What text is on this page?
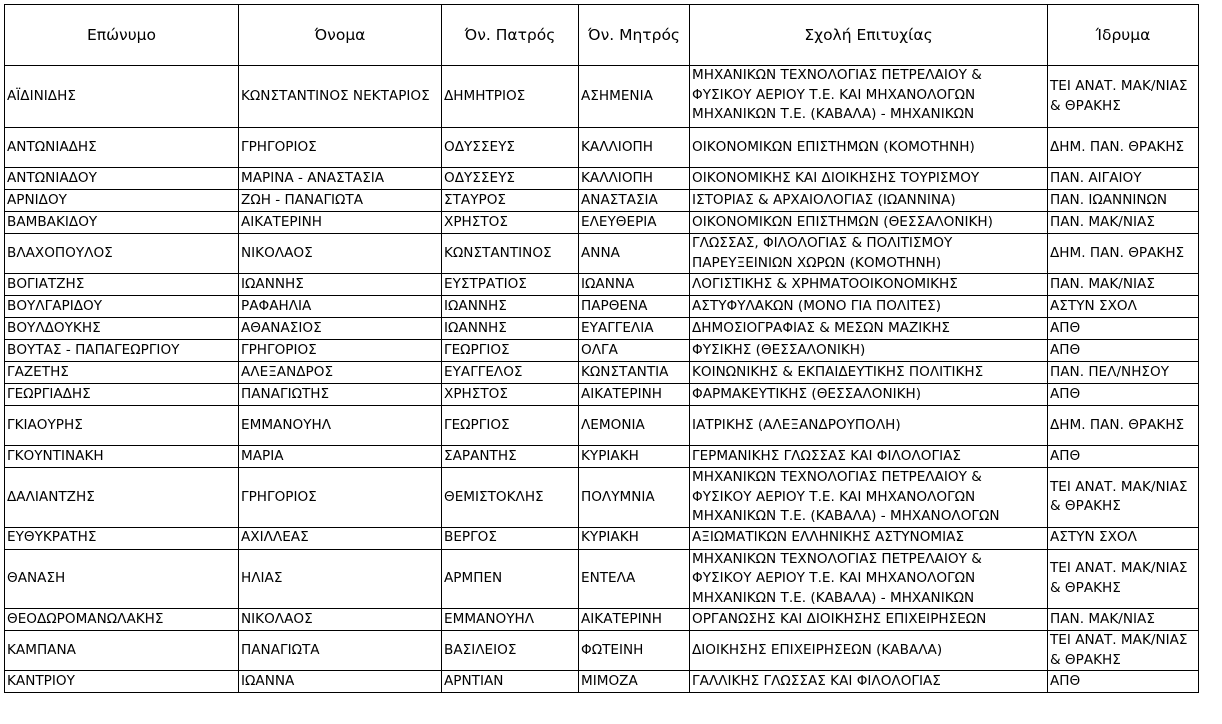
Επώνυμο	Όνομα	Όν. Πατρός	Όν. Μητρός	Σχολή Επιτυχίας	Ίδρυμα
ΑΪΔΙΝΙΔΗΣ	ΚΩΝΣΤΑΝΤΙΝΟΣ ΝΕΚΤΑΡΙΟΣ	ΔΗΜΗΤΡΙΟΣ	ΑΣΗΜΕΝΙΑ	ΜΗΧΑΝΙΚΩΝ ΤΕΧΝΟΛΟΓΙΑΣ ΠΕΤΡΕΛΑΙΟΥ & ΦΥΣΙΚΟΥ ΑΕΡΙΟΥ Τ.Ε. ΚΑΙ ΜΗΧΑΝΟΛΟΓΩΝ ΜΗΧΑΝΙΚΩΝ Τ.Ε. (ΚΑΒΑΛΑ) - ΜΗΧΑΝΙΚΩΝ	ΤΕΙ ΑΝΑΤ. ΜΑΚ/ΝΙΑΣ & ΘΡΑΚΗΣ
ΑΝΤΩΝΙΑΔΗΣ	ΓΡΗΓΟΡΙΟΣ	ΟΔΥΣΣΕΥΣ	ΚΑΛΛΙΟΠΗ	ΟΙΚΟΝΟΜΙΚΩΝ ΕΠΙΣΤΗΜΩΝ (ΚΟΜΟΤΗΝΗ)	ΔΗΜ. ΠΑΝ. ΘΡΑΚΗΣ
ΑΝΤΩΝΙΑΔΟΥ	ΜΑΡΙΝΑ - ΑΝΑΣΤΑΣΙΑ	ΟΔΥΣΣΕΥΣ	ΚΑΛΛΙΟΠΗ	ΟΙΚΟΝΟΜΙΚΗΣ ΚΑΙ ΔΙΟΙΚΗΣΗΣ ΤΟΥΡΙΣΜΟΥ	ΠΑΝ. ΑΙΓΑΙΟΥ
ΑΡΝΙΔΟΥ	ΖΩΗ - ΠΑΝΑΓΙΩΤΑ	ΣΤΑΥΡΟΣ	ΑΝΑΣΤΑΣΙΑ	ΙΣΤΟΡΙΑΣ & ΑΡΧΑΙΟΛΟΓΙΑΣ (ΙΩΑΝΝΙΝΑ)	ΠΑΝ. ΙΩΑΝΝΙΝΩΝ
ΒΑΜΒΑΚΙΔΟΥ	ΑΙΚΑΤΕΡΙΝΗ	ΧΡΗΣΤΟΣ	ΕΛΕΥΘΕΡΙΑ	ΟΙΚΟΝΟΜΙΚΩΝ ΕΠΙΣΤΗΜΩΝ (ΘΕΣΣΑΛΟΝΙΚΗ)	ΠΑΝ. ΜΑΚ/ΝΙΑΣ
ΒΛΑΧΟΠΟΥΛΟΣ	ΝΙΚΟΛΑΟΣ	ΚΩΝΣΤΑΝΤΙΝΟΣ	ΑΝΝΑ	ΓΛΩΣΣΑΣ, ΦΙΛΟΛΟΓΙΑΣ & ΠΟΛΙΤΙΣΜΟΥ ΠΑΡΕΥΞΕΙΝΙΩΝ ΧΩΡΩΝ (ΚΟΜΟΤΗΝΗ)	ΔΗΜ. ΠΑΝ. ΘΡΑΚΗΣ
ΒΟΓΙΑΤΖΗΣ	ΙΩΑΝΝΗΣ	ΕΥΣΤΡΑΤΙΟΣ	ΙΩΑΝΝΑ	ΛΟΓΙΣΤΙΚΗΣ & ΧΡΗΜΑΤΟΟΙΚΟΝΟΜΙΚΗΣ	ΠΑΝ. ΜΑΚ/ΝΙΑΣ
ΒΟΥΛΓΑΡΙΔΟΥ	ΡΑΦΑΗΛΙΑ	ΙΩΑΝΝΗΣ	ΠΑΡΘΕΝΑ	ΑΣΤΥΦΥΛΑΚΩΝ (ΜΟΝΟ ΓΙΑ ΠΟΛΙΤΕΣ)	ΑΣΤΥΝ ΣΧΟΛ
ΒΟΥΛΔΟΥΚΗΣ	ΑΘΑΝΑΣΙΟΣ	ΙΩΑΝΝΗΣ	ΕΥΑΓΓΕΛΙΑ	ΔΗΜΟΣΙΟΓΡΑΦΙΑΣ & ΜΕΣΩΝ ΜΑΖΙΚΗΣ	ΑΠΘ
ΒΟΥΤΑΣ - ΠΑΠΑΓΕΩΡΓΙΟΥ	ΓΡΗΓΟΡΙΟΣ	ΓΕΩΡΓΙΟΣ	ΟΛΓΑ	ΦΥΣΙΚΗΣ (ΘΕΣΣΑΛΟΝΙΚΗ)	ΑΠΘ
ΓΑΖΕΤΗΣ	ΑΛΕΞΑΝΔΡΟΣ	ΕΥΑΓΓΕΛΟΣ	ΚΩΝΣΤΑΝΤΙΑ	ΚΟΙΝΩΝΙΚΗΣ & ΕΚΠΑΙΔΕΥΤΙΚΗΣ ΠΟΛΙΤΙΚΗΣ	ΠΑΝ. ΠΕΛ/ΝΗΣΟΥ
ΓΕΩΡΓΙΑΔΗΣ	ΠΑΝΑΓΙΩΤΗΣ	ΧΡΗΣΤΟΣ	ΑΙΚΑΤΕΡΙΝΗ	ΦΑΡΜΑΚΕΥΤΙΚΗΣ (ΘΕΣΣΑΛΟΝΙΚΗ)	ΑΠΘ
ΓΚΙΑΟΥΡΗΣ	ΕΜΜΑΝΟΥΗΛ	ΓΕΩΡΓΙΟΣ	ΛΕΜΟΝΙΑ	ΙΑΤΡΙΚΗΣ (ΑΛΕΞΑΝΔΡΟΥΠΟΛΗ)	ΔΗΜ. ΠΑΝ. ΘΡΑΚΗΣ
ΓΚΟΥΝΤΙΝΑΚΗ	ΜΑΡΙΑ	ΣΑΡΑΝΤΗΣ	ΚΥΡΙΑΚΗ	ΓΕΡΜΑΝΙΚΗΣ ΓΛΩΣΣΑΣ ΚΑΙ ΦΙΛΟΛΟΓΙΑΣ	ΑΠΘ
ΔΑΛΙΑΝΤΖΗΣ	ΓΡΗΓΟΡΙΟΣ	ΘΕΜΙΣΤΟΚΛΗΣ	ΠΟΛΥΜΝΙΑ	ΜΗΧΑΝΙΚΩΝ ΤΕΧΝΟΛΟΓΙΑΣ ΠΕΤΡΕΛΑΙΟΥ & ΦΥΣΙΚΟΥ ΑΕΡΙΟΥ Τ.Ε. ΚΑΙ ΜΗΧΑΝΟΛΟΓΩΝ ΜΗΧΑΝΙΚΩΝ Τ.Ε. (ΚΑΒΑΛΑ) - ΜΗΧΑΝΟΛΟΓΩΝ	ΤΕΙ ΑΝΑΤ. ΜΑΚ/ΝΙΑΣ & ΘΡΑΚΗΣ
ΕΥΘΥΚΡΑΤΗΣ	ΑΧΙΛΛΕΑΣ	ΒΕΡΓΟΣ	ΚΥΡΙΑΚΗ	ΑΞΙΩΜΑΤΙΚΩΝ ΕΛΛΗΝΙΚΗΣ ΑΣΤΥΝΟΜΙΑΣ	ΑΣΤΥΝ ΣΧΟΛ
ΘΑΝΑΣΗ	ΗΛΙΑΣ	ΑΡΜΠΕΝ	ΕΝΤΕΛΑ	ΜΗΧΑΝΙΚΩΝ ΤΕΧΝΟΛΟΓΙΑΣ ΠΕΤΡΕΛΑΙΟΥ & ΦΥΣΙΚΟΥ ΑΕΡΙΟΥ Τ.Ε. ΚΑΙ ΜΗΧΑΝΟΛΟΓΩΝ ΜΗΧΑΝΙΚΩΝ Τ.Ε. (ΚΑΒΑΛΑ) - ΜΗΧΑΝΙΚΩΝ	ΤΕΙ ΑΝΑΤ. ΜΑΚ/ΝΙΑΣ & ΘΡΑΚΗΣ
ΘΕΟΔΩΡΟΜΑΝΩΛΑΚΗΣ	ΝΙΚΟΛΑΟΣ	ΕΜΜΑΝΟΥΗΛ	ΑΙΚΑΤΕΡΙΝΗ	ΟΡΓΑΝΩΣΗΣ ΚΑΙ ΔΙΟΙΚΗΣΗΣ ΕΠΙΧΕΙΡΗΣΕΩΝ	ΠΑΝ. ΜΑΚ/ΝΙΑΣ
ΚΑΜΠΑΝΑ	ΠΑΝΑΓΙΩΤΑ	ΒΑΣΙΛΕΙΟΣ	ΦΩΤΕΙΝΗ	ΔΙΟΙΚΗΣΗΣ ΕΠΙΧΕΙΡΗΣΕΩΝ (ΚΑΒΑΛΑ)	ΤΕΙ ΑΝΑΤ. ΜΑΚ/ΝΙΑΣ & ΘΡΑΚΗΣ
ΚΑΝΤΡΙΟΥ	ΙΩΑΝΝΑ	ΑΡΝΤΙΑΝ	ΜΙΜΟΖΑ	ΓΑΛΛΙΚΗΣ ΓΛΩΣΣΑΣ ΚΑΙ ΦΙΛΟΛΟΓΙΑΣ	ΑΠΘ
